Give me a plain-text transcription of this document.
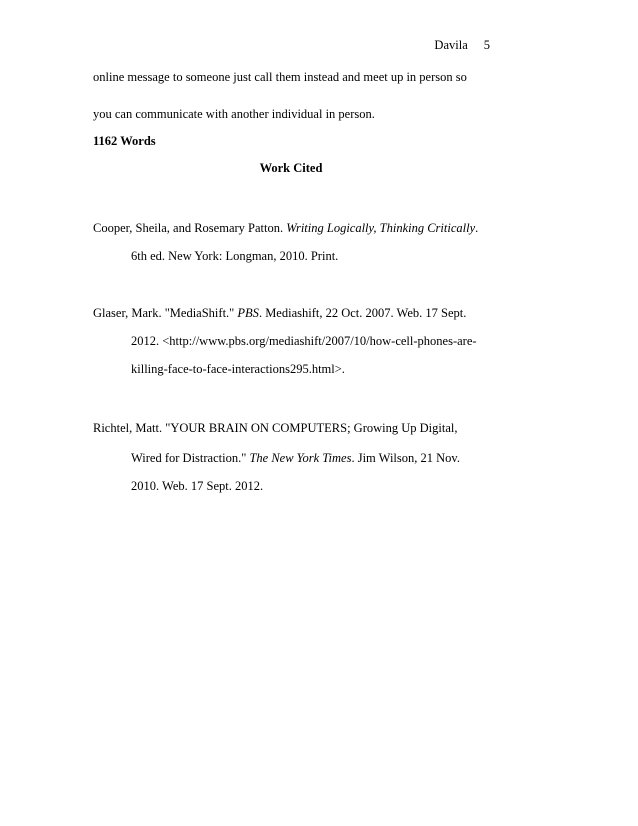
Davila 5
online message to someone just call them instead and meet up in person so
you can communicate with another individual in person.
1162 Words
Work Cited
Cooper, Sheila, and Rosemary Patton. Writing Logically, Thinking Critically.
6th ed. New York: Longman, 2010. Print.
Glaser, Mark. "MediaShift." PBS. Mediashift, 22 Oct. 2007. Web. 17 Sept.
2012. <http://www.pbs.org/mediashift/2007/10/how-cell-phones-are-
killing-face-to-face-interactions295.html>.
Richtel, Matt. "YOUR BRAIN ON COMPUTERS; Growing Up Digital,
Wired for Distraction." The New York Times. Jim Wilson, 21 Nov.
2010. Web. 17 Sept. 2012.
